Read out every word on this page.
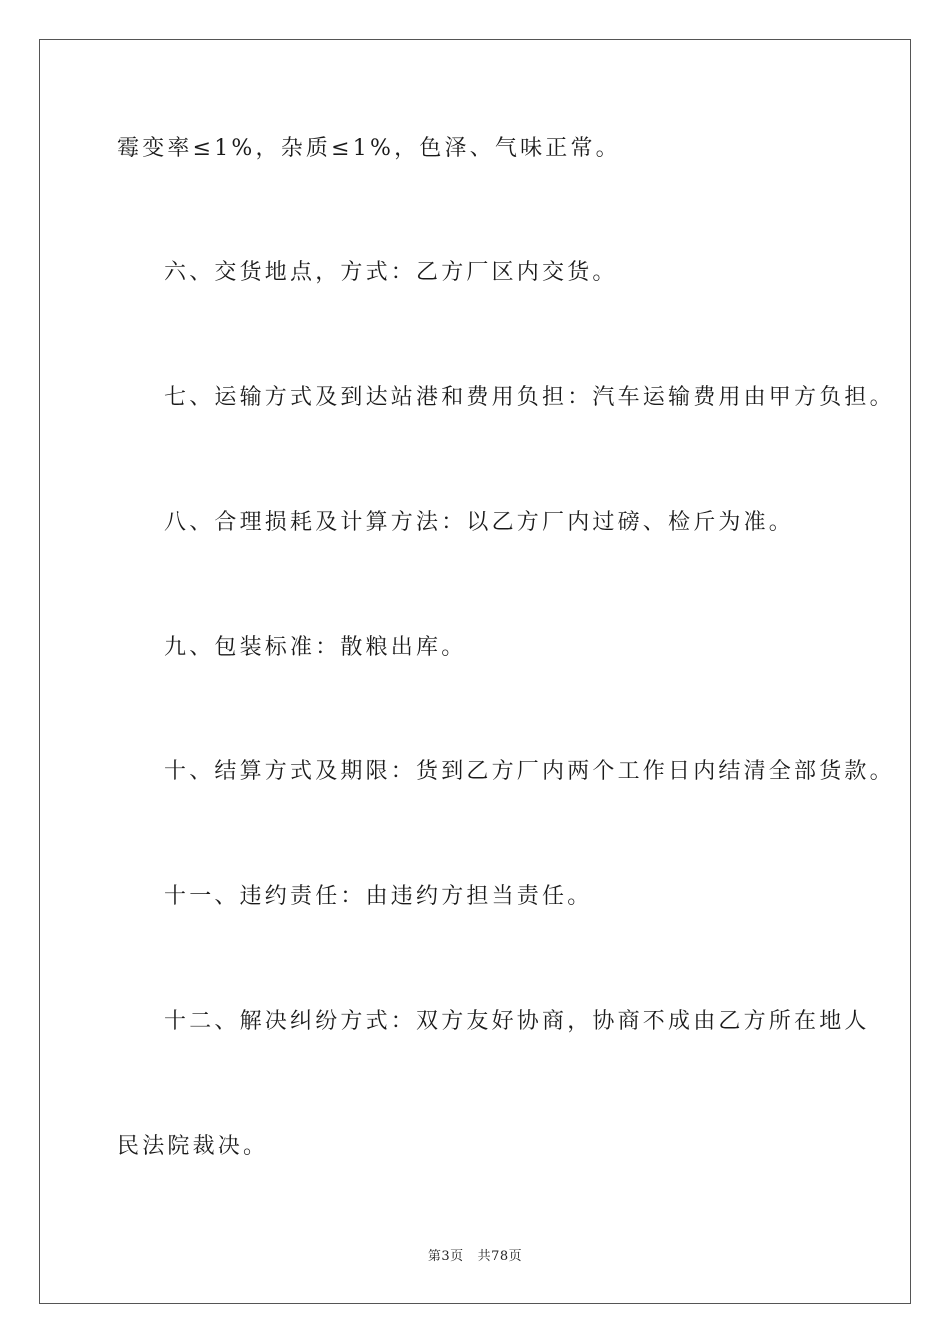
霉变率≤1%，杂质≤1%，色泽、气味正常。
六、交货地点，方式：乙方厂区内交货。
七、运输方式及到达站港和费用负担：汽车运输费用由甲方负担。
八、合理损耗及计算方法：以乙方厂内过磅、检斤为准。
九、包装标准：散粮出库。
十、结算方式及期限：货到乙方厂内两个工作日内结清全部货款。
十一、违约责任：由违约方担当责任。
十二、解决纠纷方式：双方友好协商，协商不成由乙方所在地人
民法院裁决。
第3页 共78页
